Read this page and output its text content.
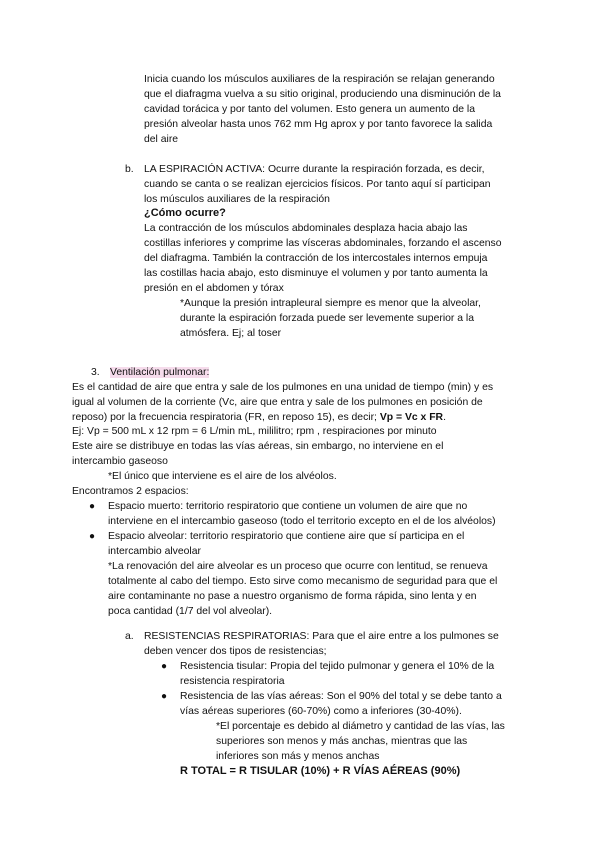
Inicia cuando los músculos auxiliares de la respiración se relajan generando

que el diafragma vuelva a su sitio original, produciendo una disminución de la

cavidad torácica y por tanto del volumen. Esto genera un aumento de la

presión alveolar hasta unos 762 mm Hg aprox y por tanto favorece la salida

del aire

b. LA ESPIRACIÓN ACTIVA: Ocurre durante la respiración forzada, es decir,

cuando se canta o se realizan ejercicios físicos. Por tanto aquí sí participan

los músculos auxiliares de la respiración

¿Cómo ocurre?

La contracción de los músculos abdominales desplaza hacia abajo las

costillas inferiores y comprime las vísceras abdominales, forzando el ascenso

del diafragma. También la contracción de los intercostales internos empuja

las costillas hacia abajo, esto disminuye el volumen y por tanto aumenta la

presión en el abdomen y tórax

*Aunque la presión intrapleural siempre es menor que la alveolar,

durante la espiración forzada puede ser levemente superior a la

atmósfera. Ej; al toser

3. Ventilación pulmonar:

Es el cantidad de aire que entra y sale de los pulmones en una unidad de tiempo (min) y es

igual al volumen de la corriente (Vc, aire que entra y sale de los pulmones en posición de

reposo) por la frecuencia respiratoria (FR, en reposo 15), es decir; Vp = Vc x FR.

Ej: Vp = 500 mL x 12 rpm = 6 L/min mL, mililitro; rpm , respiraciones por minuto

Este aire se distribuye en todas las vías aéreas, sin embargo, no interviene en el

intercambio gaseoso

*El único que interviene es el aire de los alvéolos.

Encontramos 2 espacios:

● Espacio muerto: territorio respiratorio que contiene un volumen de aire que no

interviene en el intercambio gaseoso (todo el territorio excepto en el de los alvéolos)

● Espacio alveolar: territorio respiratorio que contiene aire que sí participa en el

intercambio alveolar

*La renovación del aire alveolar es un proceso que ocurre con lentitud, se renueva

totalmente al cabo del tiempo. Esto sirve como mecanismo de seguridad para que el

aire contaminante no pase a nuestro organismo de forma rápida, sino lenta y en

poca cantidad (1/7 del vol alveolar).

a. RESISTENCIAS RESPIRATORIAS: Para que el aire entre a los pulmones se

deben vencer dos tipos de resistencias;

● Resistencia tisular: Propia del tejido pulmonar y genera el 10% de la

resistencia respiratoria

● Resistencia de las vías aéreas: Son el 90% del total y se debe tanto a

vías aéreas superiores (60-70%) como a inferiores (30-40%).

*El porcentaje es debido al diámetro y cantidad de las vías, las

superiores son menos y más anchas, mientras que las

inferiores son más y menos anchas

R TOTAL = R TISULAR (10%) + R VÍAS AÉREAS (90%)
